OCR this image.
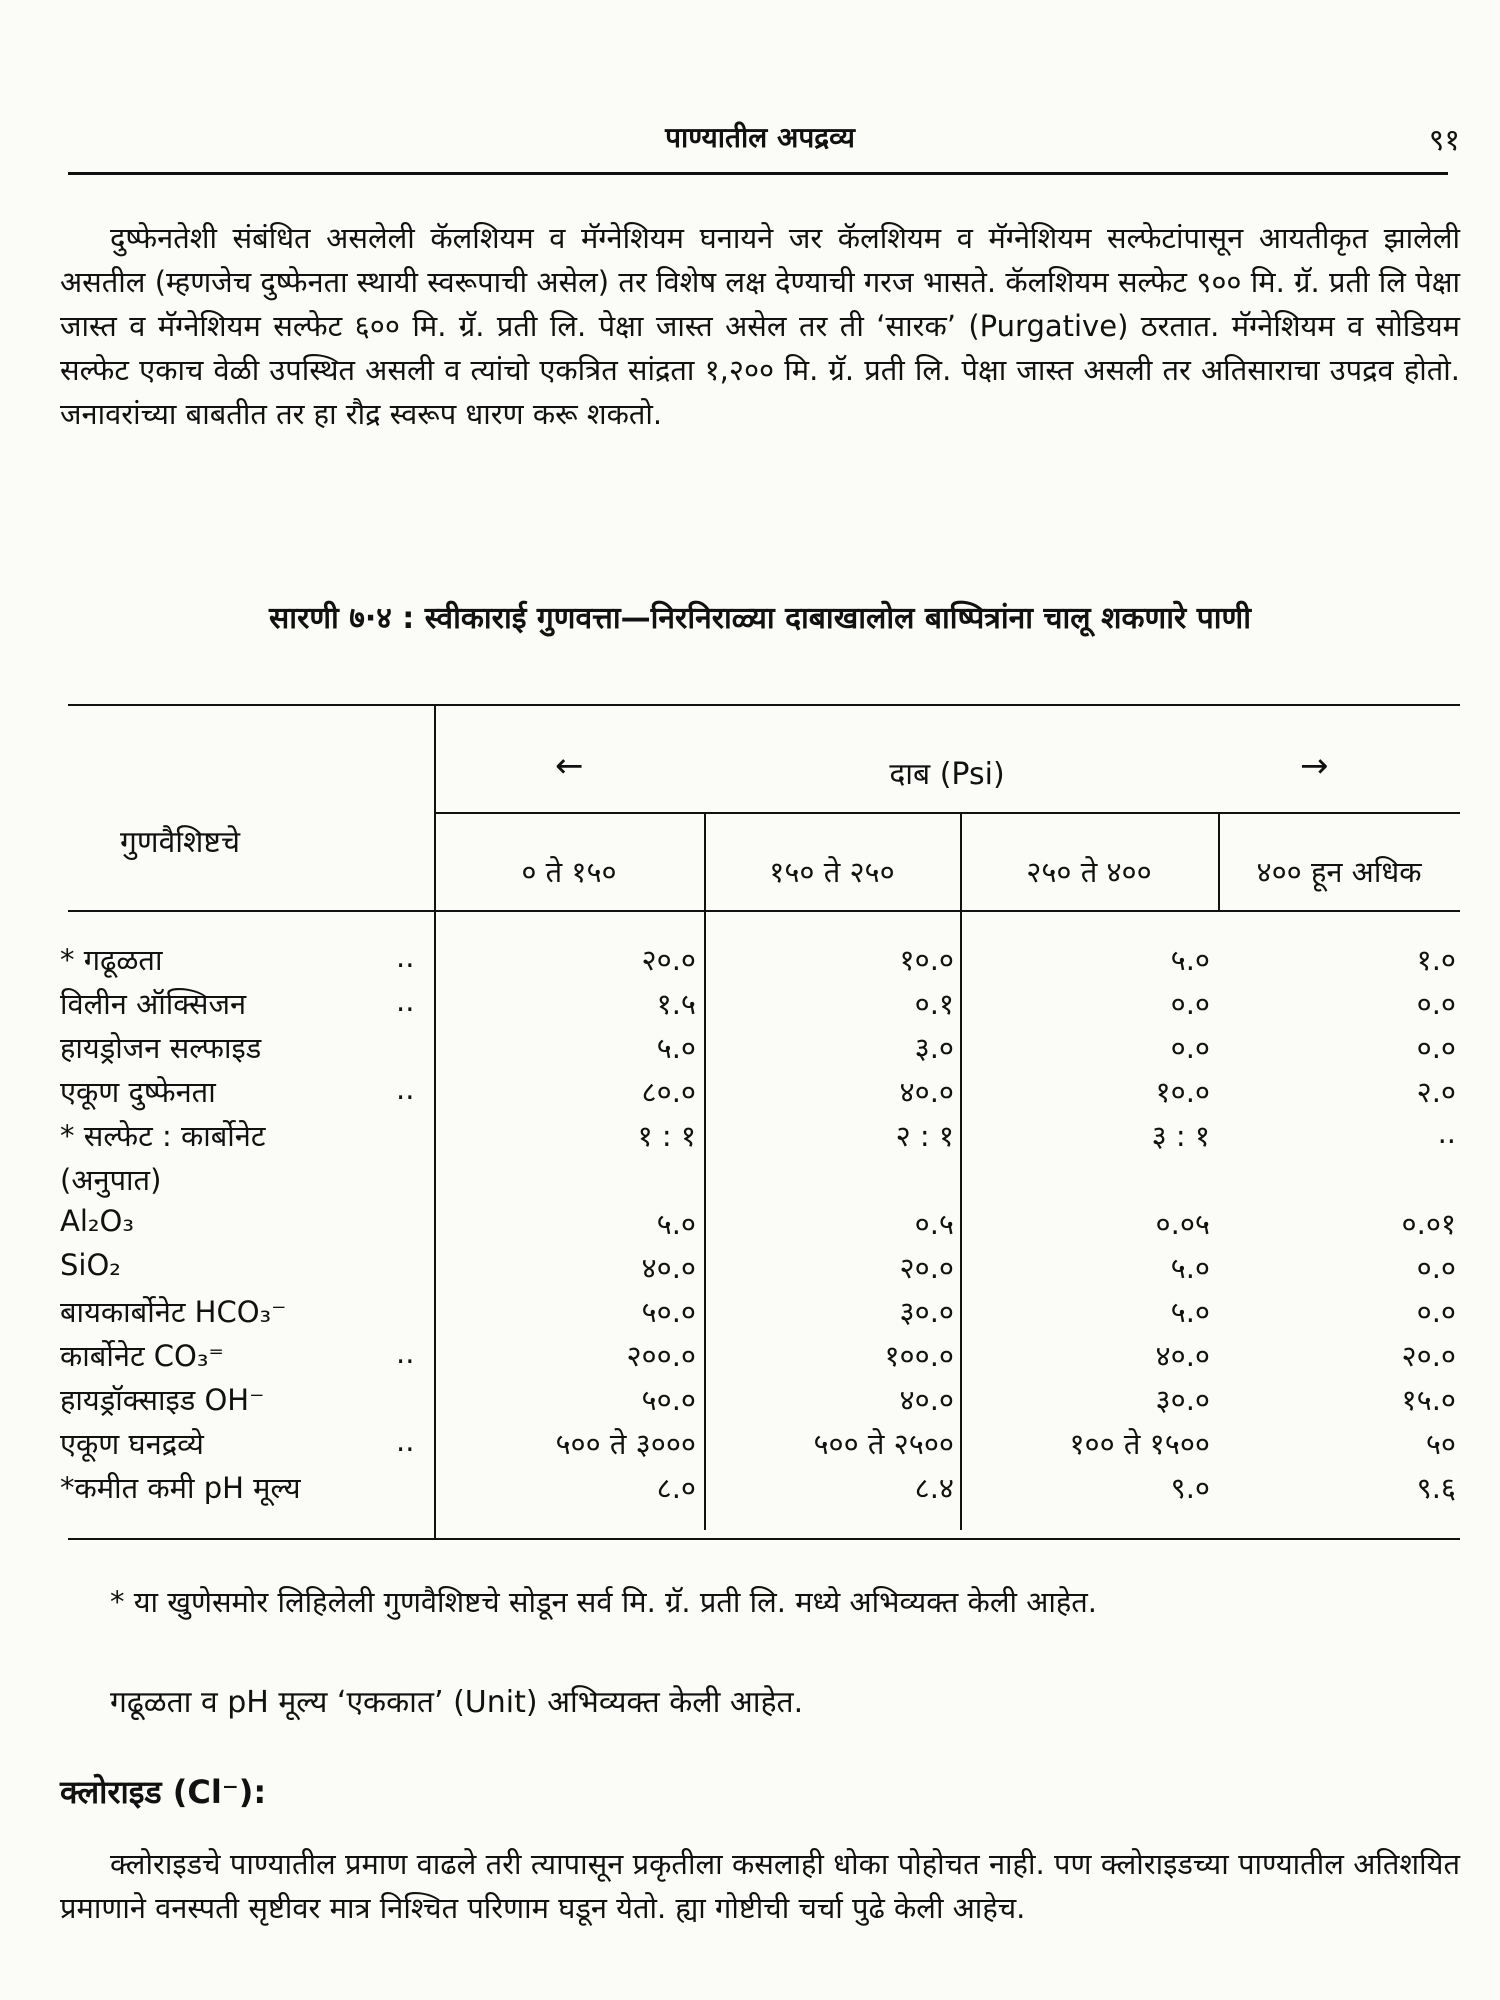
पाण्यातील अपद्रव्य	९१

दुष्फेनतेशी संबंधित असलेली कॅलशियम व मॅग्नेशियम घनायने जर कॅलशियम व मॅग्नेशियम सल्फेटांपासून आयतीकृत झालेली असतील (म्हणजेच दुष्फेनता स्थायी स्वरूपाची असेल) तर विशेष लक्ष देण्याची गरज भासते. कॅलशियम सल्फेट ९०० मि. ग्रॅ. प्रती लि पेक्षा जास्त व मॅग्नेशियम सल्फेट ६०० मि. ग्रॅ. प्रती लि. पेक्षा जास्त असेल तर ती ‘सारक’ (Purgative) ठरतात. मॅग्नेशियम व सोडियम सल्फेट एकाच वेळी उपस्थित असली व त्यांचो एकत्रित सांद्रता १,२०० मि. ग्रॅ. प्रती लि. पेक्षा जास्त असली तर अतिसाराचा उपद्रव होतो. जनावरांच्या बाबतीत तर हा रौद्र स्वरूप धारण करू शकतो.

सारणी ७·४ : स्वीकाराई गुणवत्ता—निरनिराळ्या दाबाखालोल बाष्पित्रांना चालू शकणारे पाणी
←	दाब (Psi)	→
गुणवैशिष्टचे
० ते १५०	१५० ते २५०	२५० ते ४००	४०० हून अधिक
* गढूळता	..	२०.०	१०.०	५.०	१.०
विलीन ऑक्सिजन	..	१.५	०.१	०.०	०.०
हायड्रोजन सल्फाइड	५.०	३.०	०.०	०.०
एकूण दुष्फेनता	..	८०.०	४०.०	१०.०	२.०
* सल्फेट : कार्बोनेट	१ : १	२ : १	३ : १	..
(अनुपात)
Al₂O₃	५.०	०.५	०.०५	०.०१
SiO₂	४०.०	२०.०	५.०	०.०
बायकार्बोनेट HCO₃⁻	५०.०	३०.०	५.०	०.०
कार्बोनेट CO₃⁼	..	२००.०	१००.०	४०.०	२०.०
हायड्रॉक्साइड OH⁻	५०.०	४०.०	३०.०	१५.०
एकूण घनद्रव्ये	..	५०० ते ३०००	५०० ते २५००	१०० ते १५००	५०
*कमीत कमी pH मूल्य	८.०	८.४	९.०	९.६

* या खुणेसमोर लिहिलेली गुणवैशिष्टचे सोडून सर्व मि. ग्रॅ. प्रती लि. मध्ये अभिव्यक्त केली आहेत.

गढूळता व pH मूल्य ‘एककात’ (Unit) अभिव्यक्त केली आहेत.
क्लोराइड (Cl⁻):

क्लोराइडचे पाण्यातील प्रमाण वाढले तरी त्यापासून प्रकृतीला कसलाही धोका पोहोचत नाही. पण क्लोराइडच्या पाण्यातील अतिशयित प्रमाणाने वनस्पती सृष्टीवर मात्र निश्चित परिणाम घडून येतो. ह्या गोष्टीची चर्चा पुढे केली आहेच.
